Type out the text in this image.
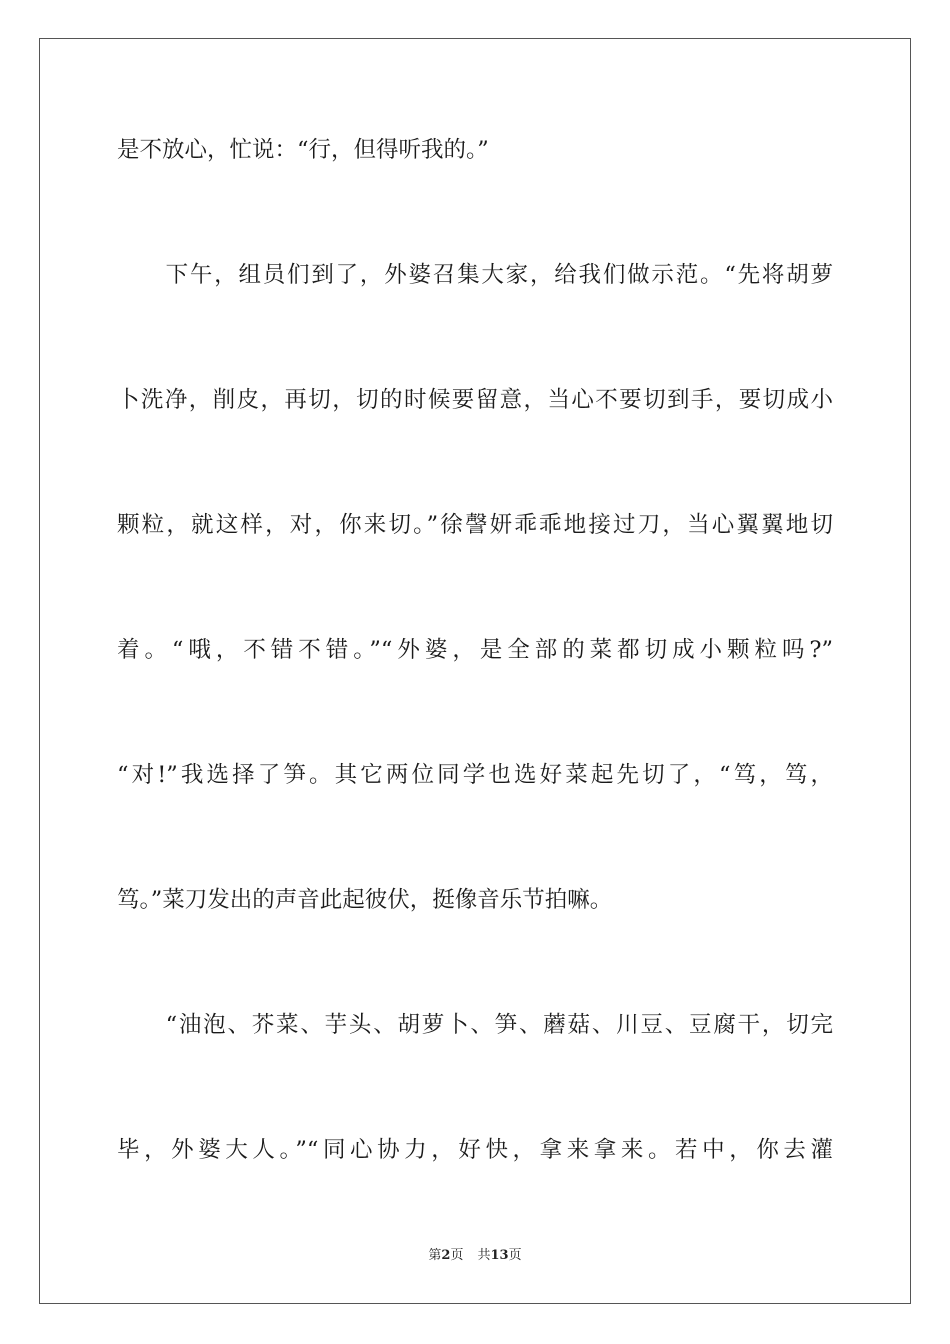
是不放心，忙说：“行，但得听我的。”
　　下午，组员们到了，外婆召集大家，给我们做示范。“先将胡萝
卜洗净，削皮，再切，切的时候要留意，当心不要切到手，要切成小
颗粒，就这样，对，你来切。”徐謦妍乖乖地接过刀，当心翼翼地切
着。“哦，不错不错。”“外婆，是全部的菜都切成小颗粒吗?”
“对!”我选择了笋。其它两位同学也选好菜起先切了，“笃，笃，
笃。”菜刀发出的声音此起彼伏，挺像音乐节拍嘛。
　　“油泡、芥菜、芋头、胡萝卜、笋、蘑菇、川豆、豆腐干，切完
毕，外婆大人。”“同心协力，好快，拿来拿来。若中，你去灌
第2页 共13页
